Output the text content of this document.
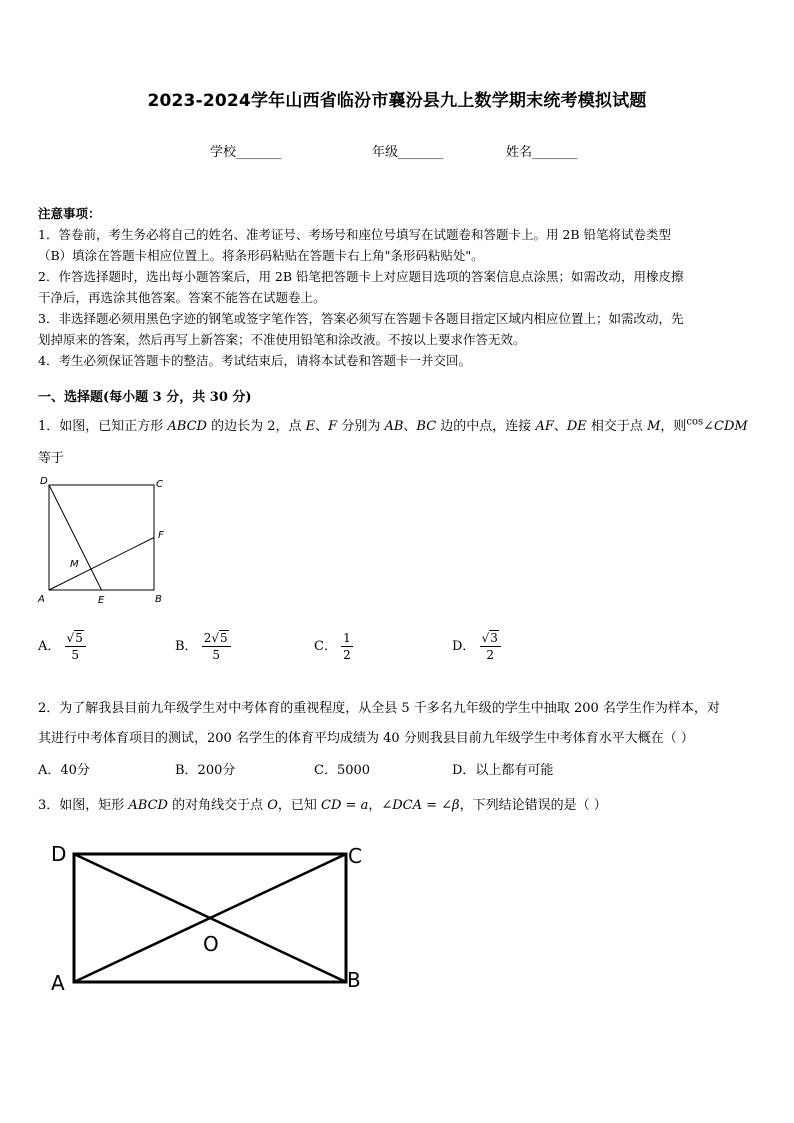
2023-2024学年山西省临汾市襄汾县九上数学期末统考模拟试题
学校_______	年级_______	姓名_______

注意事项：

1．答卷前，考生务必将自己的姓名、准考证号、考场号和座位号填写在试题卷和答题卡上。用 2B 铅笔将试卷类型

（B）填涂在答题卡相应位置上。将条形码粘贴在答题卡右上角"条形码粘贴处"。

2．作答选择题时，选出每小题答案后，用 2B 铅笔把答题卡上对应题目选项的答案信息点涂黑；如需改动，用橡皮擦

干净后，再选涂其他答案。答案不能答在试题卷上。

3．非选择题必须用黑色字迹的钢笔或签字笔作答，答案必须写在答题卡各题目指定区域内相应位置上；如需改动，先

划掉原来的答案，然后再写上新答案；不准使用铅笔和涂改液。不按以上要求作答无效。

4．考生必须保证答题卡的整洁。考试结束后，请将本试卷和答题卡一并交回。

一、选择题(每小题 3 分，共 30 分)
1．如图，已知正方形 ABCD 的边长为 2，点 E、F 分别为 AB、BC 边的中点，连接 AF、DE 相交于点 M，则$^{cos}$∠CDM
等于
D	C
F
M
A	E	B
A． $\frac{√5}{5}$	B． $\frac{2√5}{5}$	C． $\frac{1}{2}$	D． $\frac{√3}{2}$
2．为了解我县目前九年级学生对中考体育的重视程度，从全县 5 千多名九年级的学生中抽取 200 名学生作为样本，对
其进行中考体育项目的测试，200 名学生的体育平均成绩为 40 分则我县目前九年级学生中考体育水平大概在（ ）
A．40分	B．200分	C．5000	D．以上都有可能
3．如图，矩形 ABCD 的对角线交于点 O，已知 CD = a，∠DCA = ∠β，下列结论错误的是（ ）
D	C
O
A	B
